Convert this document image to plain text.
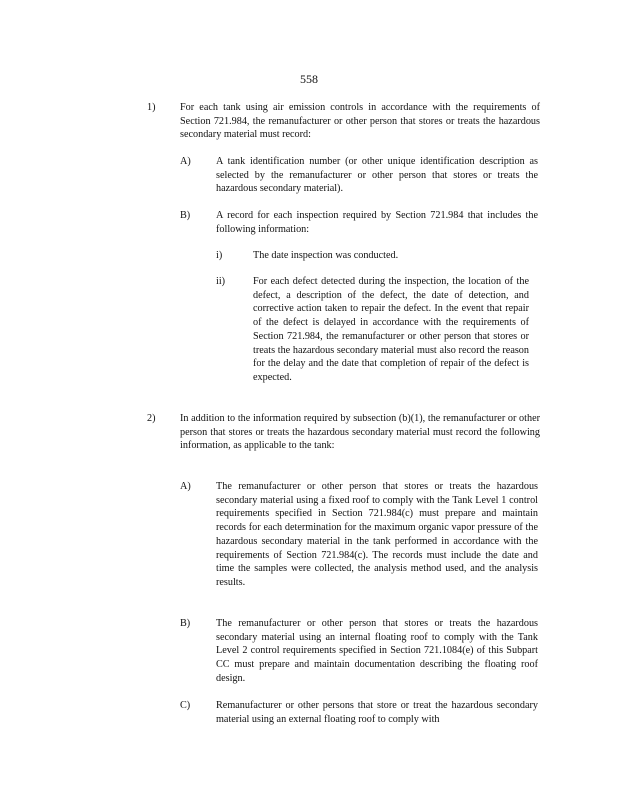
558
1) For each tank using air emission controls in accordance with the requirements of Section 721.984, the remanufacturer or other person that stores or treats the hazardous secondary material must record:
A) A tank identification number (or other unique identification description as selected by the remanufacturer or other person that stores or treats the hazardous secondary material).
B)	A record for each inspection required by Section 721.984 that includes the following information:
i)	The date inspection was conducted.
ii)	For each defect detected during the inspection, the location of the defect, a description of the defect, the date of detection, and corrective action taken to repair the defect. In the event that repair of the defect is delayed in accordance with the requirements of Section 721.984, the remanufacturer or other person that stores or treats the hazardous secondary material must also record the reason for the delay and the date that completion of repair of the defect is expected.
2) In addition to the information required by subsection (b)(1), the remanufacturer or other person that stores or treats the hazardous secondary material must record the following information, as applicable to the tank:
A) The remanufacturer or other person that stores or treats the hazardous secondary material using a fixed roof to comply with the Tank Level 1 control requirements specified in Section 721.984(c) must prepare and maintain records for each determination for the maximum organic vapor pressure of the hazardous secondary material in the tank performed in accordance with the requirements of Section 721.984(c). The records must include the date and time the samples were collected, the analysis method used, and the analysis results.
B)	The remanufacturer or other person that stores or treats the hazardous secondary material using an internal floating roof to comply with the Tank Level 2 control requirements specified in Section 721.1084(e) of this Subpart CC must prepare and maintain documentation describing the floating roof design.
C)	Remanufacturer or other persons that store or treat the hazardous secondary material using an external floating roof to comply with
